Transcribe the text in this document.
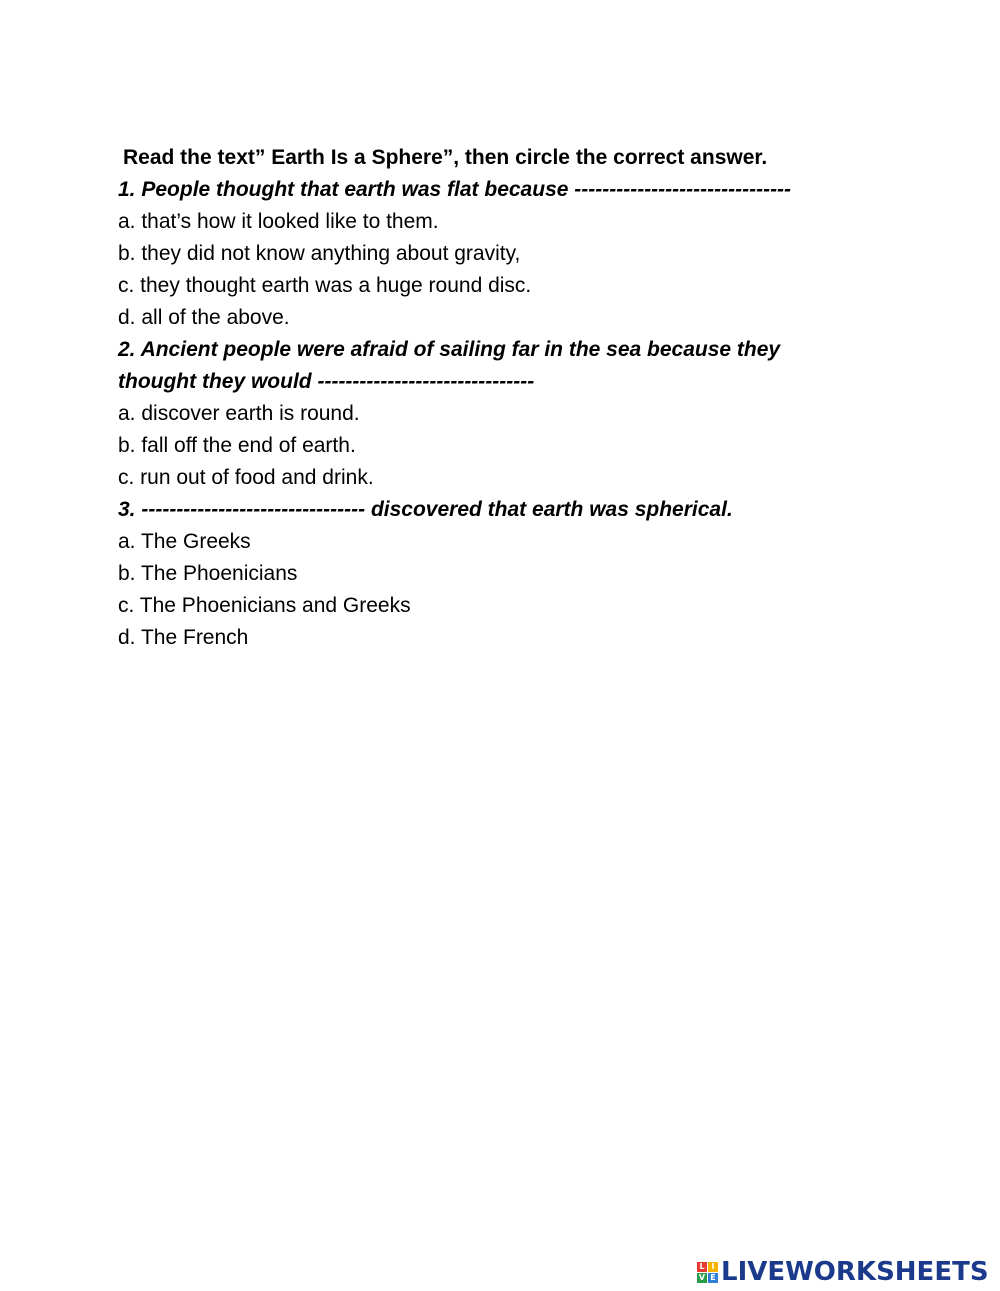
Read the text” Earth Is a Sphere”, then circle the correct answer.
1. People thought that earth was flat because -------------------------------
a. that’s how it looked like to them.
b. they did not know anything about gravity,
c. they thought earth was a huge round disc.
d. all of the above.
2. Ancient people were afraid of sailing far in the sea because they thought they would -------------------------------
a. discover earth is round.
b. fall off the end of earth.
c. run out of food and drink.
3. -------------------------------- discovered that earth was spherical.
a. The Greeks
b. The Phoenicians
c. The Phoenicians and Greeks
d. The French
L I
V E LIVEWORKSHEETS
